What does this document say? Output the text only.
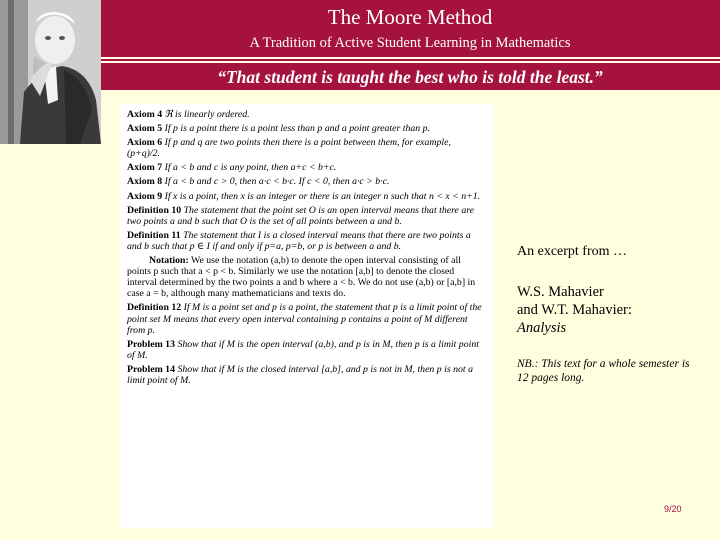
The Moore Method
A Tradition of Active Student Learning in Mathematics
“That student is taught the best who is told the least.”
Axiom 4 ℜ is linearly ordered.
Axiom 5 If p is a point there is a point less than p and a point greater than p.
Axiom 6 If p and q are two points then there is a point between them, for example, (p+q)/2.
Axiom 7 If a < b and c is any point, then a+c < b+c.
Axiom 8 If a < b and c > 0, then a·c < b·c. If c < 0, then a·c > b·c.
Axiom 9 If x is a point, then x is an integer or there is an integer n such that n < x < n+1.
Definition 10 The statement that the point set O is an open interval means that there are two points a and b such that O is the set of all points between a and b.
Definition 11 The statement that I is a closed interval means that there are two points a and b such that p ∈ I if and only if p=a, p=b, or p is between a and b.
Notation: We use the notation (a,b) to denote the open interval consisting of all points p such that a < p < b. Similarly we use the notation [a,b] to denote the closed interval determined by the two points a and b where a < b. We do not use (a,b) or [a,b] in case a = b, although many mathematicians and texts do.
Definition 12 If M is a point set and p is a point, the statement that p is a limit point of the point set M means that every open interval containing p contains a point of M different from p.
Problem 13 Show that if M is the open interval (a,b), and p is in M, then p is a limit point of M.
Problem 14 Show that if M is the closed interval [a,b], and p is not in M, then p is not a limit point of M.
An excerpt from …
W.S. Mahavier
and W.T. Mahavier:
Analysis
NB.: This text for a whole semester is 12 pages long.
9/20
